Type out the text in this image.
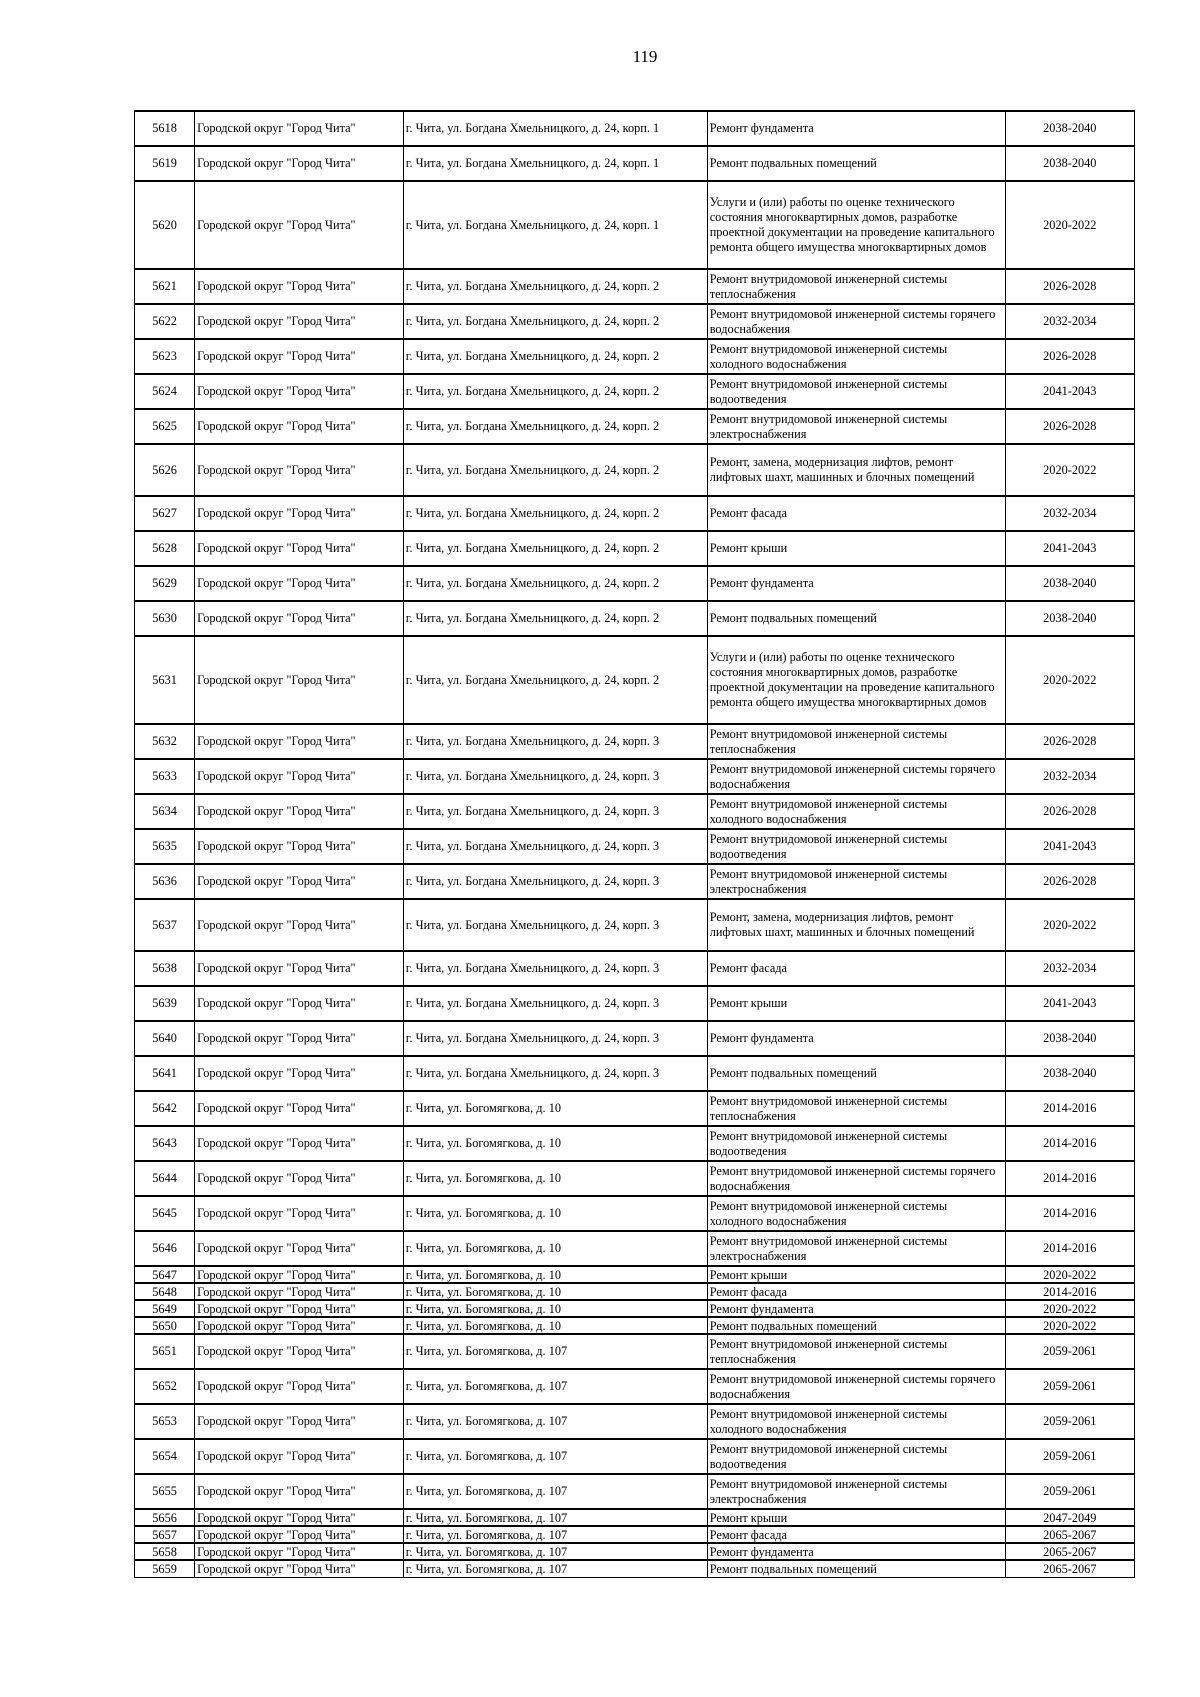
119
5618	Городской округ "Город Чита"	г. Чита, ул. Богдана Хмельницкого, д. 24, корп. 1	Ремонт фундамента	2038-2040
5619	Городской округ "Город Чита"	г. Чита, ул. Богдана Хмельницкого, д. 24, корп. 1	Ремонт подвальных помещений	2038-2040
5620	Городской округ "Город Чита"	г. Чита, ул. Богдана Хмельницкого, д. 24, корп. 1	Услуги и (или) работы по оценке технического состояния многоквартирных домов, разработке проектной документации на проведение капитального ремонта общего имущества многоквартирных домов	2020-2022
5621	Городской округ "Город Чита"	г. Чита, ул. Богдана Хмельницкого, д. 24, корп. 2	Ремонт внутридомовой инженерной системы теплоснабжения	2026-2028
5622	Городской округ "Город Чита"	г. Чита, ул. Богдана Хмельницкого, д. 24, корп. 2	Ремонт внутридомовой инженерной системы горячего водоснабжения	2032-2034
5623	Городской округ "Город Чита"	г. Чита, ул. Богдана Хмельницкого, д. 24, корп. 2	Ремонт внутридомовой инженерной системы холодного водоснабжения	2026-2028
5624	Городской округ "Город Чита"	г. Чита, ул. Богдана Хмельницкого, д. 24, корп. 2	Ремонт внутридомовой инженерной системы водоотведения	2041-2043
5625	Городской округ "Город Чита"	г. Чита, ул. Богдана Хмельницкого, д. 24, корп. 2	Ремонт внутридомовой инженерной системы электроснабжения	2026-2028
5626	Городской округ "Город Чита"	г. Чита, ул. Богдана Хмельницкого, д. 24, корп. 2	Ремонт, замена, модернизация лифтов, ремонт лифтовых шахт, машинных и блочных помещений	2020-2022
5627	Городской округ "Город Чита"	г. Чита, ул. Богдана Хмельницкого, д. 24, корп. 2	Ремонт фасада	2032-2034
5628	Городской округ "Город Чита"	г. Чита, ул. Богдана Хмельницкого, д. 24, корп. 2	Ремонт крыши	2041-2043
5629	Городской округ "Город Чита"	г. Чита, ул. Богдана Хмельницкого, д. 24, корп. 2	Ремонт фундамента	2038-2040
5630	Городской округ "Город Чита"	г. Чита, ул. Богдана Хмельницкого, д. 24, корп. 2	Ремонт подвальных помещений	2038-2040
5631	Городской округ "Город Чита"	г. Чита, ул. Богдана Хмельницкого, д. 24, корп. 2	Услуги и (или) работы по оценке технического состояния многоквартирных домов, разработке проектной документации на проведение капитального ремонта общего имущества многоквартирных домов	2020-2022
5632	Городской округ "Город Чита"	г. Чита, ул. Богдана Хмельницкого, д. 24, корп. 3	Ремонт внутридомовой инженерной системы теплоснабжения	2026-2028
5633	Городской округ "Город Чита"	г. Чита, ул. Богдана Хмельницкого, д. 24, корп. 3	Ремонт внутридомовой инженерной системы горячего водоснабжения	2032-2034
5634	Городской округ "Город Чита"	г. Чита, ул. Богдана Хмельницкого, д. 24, корп. 3	Ремонт внутридомовой инженерной системы холодного водоснабжения	2026-2028
5635	Городской округ "Город Чита"	г. Чита, ул. Богдана Хмельницкого, д. 24, корп. 3	Ремонт внутридомовой инженерной системы водоотведения	2041-2043
5636	Городской округ "Город Чита"	г. Чита, ул. Богдана Хмельницкого, д. 24, корп. 3	Ремонт внутридомовой инженерной системы электроснабжения	2026-2028
5637	Городской округ "Город Чита"	г. Чита, ул. Богдана Хмельницкого, д. 24, корп. 3	Ремонт, замена, модернизация лифтов, ремонт лифтовых шахт, машинных и блочных помещений	2020-2022
5638	Городской округ "Город Чита"	г. Чита, ул. Богдана Хмельницкого, д. 24, корп. 3	Ремонт фасада	2032-2034
5639	Городской округ "Город Чита"	г. Чита, ул. Богдана Хмельницкого, д. 24, корп. 3	Ремонт крыши	2041-2043
5640	Городской округ "Город Чита"	г. Чита, ул. Богдана Хмельницкого, д. 24, корп. 3	Ремонт фундамента	2038-2040
5641	Городской округ "Город Чита"	г. Чита, ул. Богдана Хмельницкого, д. 24, корп. 3	Ремонт подвальных помещений	2038-2040
5642	Городской округ "Город Чита"	г. Чита, ул. Богомягкова, д. 10	Ремонт внутридомовой инженерной системы теплоснабжения	2014-2016
5643	Городской округ "Город Чита"	г. Чита, ул. Богомягкова, д. 10	Ремонт внутридомовой инженерной системы водоотведения	2014-2016
5644	Городской округ "Город Чита"	г. Чита, ул. Богомягкова, д. 10	Ремонт внутридомовой инженерной системы горячего водоснабжения	2014-2016
5645	Городской округ "Город Чита"	г. Чита, ул. Богомягкова, д. 10	Ремонт внутридомовой инженерной системы холодного водоснабжения	2014-2016
5646	Городской округ "Город Чита"	г. Чита, ул. Богомягкова, д. 10	Ремонт внутридомовой инженерной системы электроснабжения	2014-2016
5647	Городской округ "Город Чита"	г. Чита, ул. Богомягкова, д. 10	Ремонт крыши	2020-2022
5648	Городской округ "Город Чита"	г. Чита, ул. Богомягкова, д. 10	Ремонт фасада	2014-2016
5649	Городской округ "Город Чита"	г. Чита, ул. Богомягкова, д. 10	Ремонт фундамента	2020-2022
5650	Городской округ "Город Чита"	г. Чита, ул. Богомягкова, д. 10	Ремонт подвальных помещений	2020-2022
5651	Городской округ "Город Чита"	г. Чита, ул. Богомягкова, д. 107	Ремонт внутридомовой инженерной системы теплоснабжения	2059-2061
5652	Городской округ "Город Чита"	г. Чита, ул. Богомягкова, д. 107	Ремонт внутридомовой инженерной системы горячего водоснабжения	2059-2061
5653	Городской округ "Город Чита"	г. Чита, ул. Богомягкова, д. 107	Ремонт внутридомовой инженерной системы холодного водоснабжения	2059-2061
5654	Городской округ "Город Чита"	г. Чита, ул. Богомягкова, д. 107	Ремонт внутридомовой инженерной системы водоотведения	2059-2061
5655	Городской округ "Город Чита"	г. Чита, ул. Богомягкова, д. 107	Ремонт внутридомовой инженерной системы электроснабжения	2059-2061
5656	Городской округ "Город Чита"	г. Чита, ул. Богомягкова, д. 107	Ремонт крыши	2047-2049
5657	Городской округ "Город Чита"	г. Чита, ул. Богомягкова, д. 107	Ремонт фасада	2065-2067
5658	Городской округ "Город Чита"	г. Чита, ул. Богомягкова, д. 107	Ремонт фундамента	2065-2067
5659	Городской округ "Город Чита"	г. Чита, ул. Богомягкова, д. 107	Ремонт подвальных помещений	2065-2067
